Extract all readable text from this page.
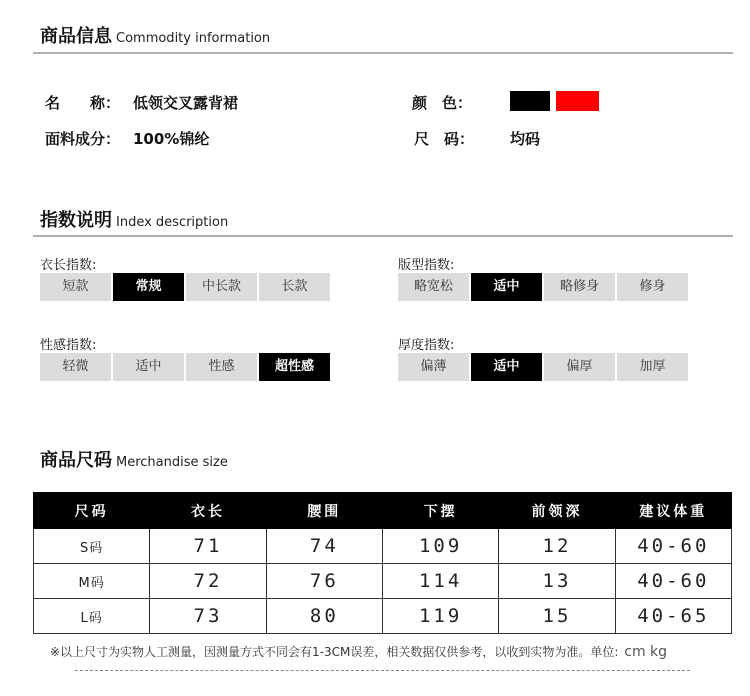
商品信息 Commodity information
名　　称： 低领交叉露背裙
面料成分： 100%锦纶
颜　色：
尺　码： 均码
指数说明 Index description
衣长指数:
短款	常规	中长款	长款
版型指数:
略宽松	适中	略修身	修身
性感指数:
轻微	适中	性感	超性感
厚度指数:
偏薄	适中	偏厚	加厚
商品尺码 Merchandise size
尺码	衣长	腰围	下摆	前领深	建议体重
S码	71	74	109	12	40-60
M码	72	76	114	13	40-60
L码	73	80	119	15	40-65
※以上尺寸为实物人工测量，因测量方式不同会有1-3CM误差，相关数据仅供参考，以收到实物为准。单位: cm kg
